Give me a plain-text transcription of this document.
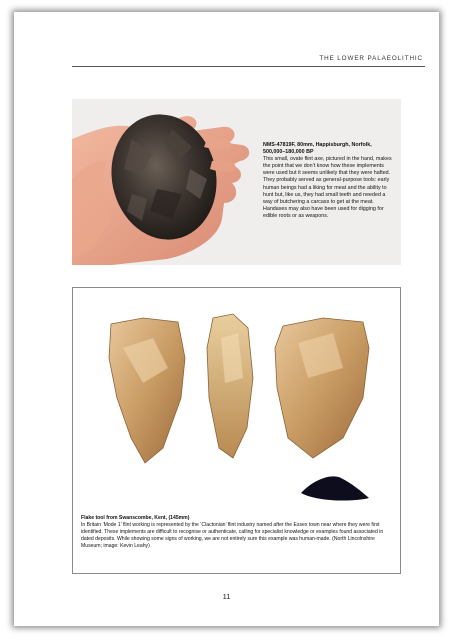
THE LOWER PALAEOLITHIC
NMS-47819F, 80mm, Happisburgh, Norfolk, 500,000–180,000 BP
This small, ovate flint axe, pictured in the hand, makes the point that we don’t know how these implements were used but it seems unlikely that they were hafted. They probably served as general-purpose tools: early human beings had a liking for meat and the ability to hunt but, like us, they had small teeth and needed a way of butchering a carcass to get at the meat. Handaxes may also have been used for digging for edible roots or as weapons.
Flake tool from Swanscombe, Kent, (145mm)
In Britain ‘Mode 1’ flint working is represented by the ‘Clactonian’ flint industry named after the Essex town near where they were first identified. These implements are difficult to recognise or authenticate, calling for specialist knowledge or examples found associated in dated deposits. While showing some signs of working, we are not entirely sure this example was human-made. (North Lincolnshire Museum; image: Kevin Leahy)
11
